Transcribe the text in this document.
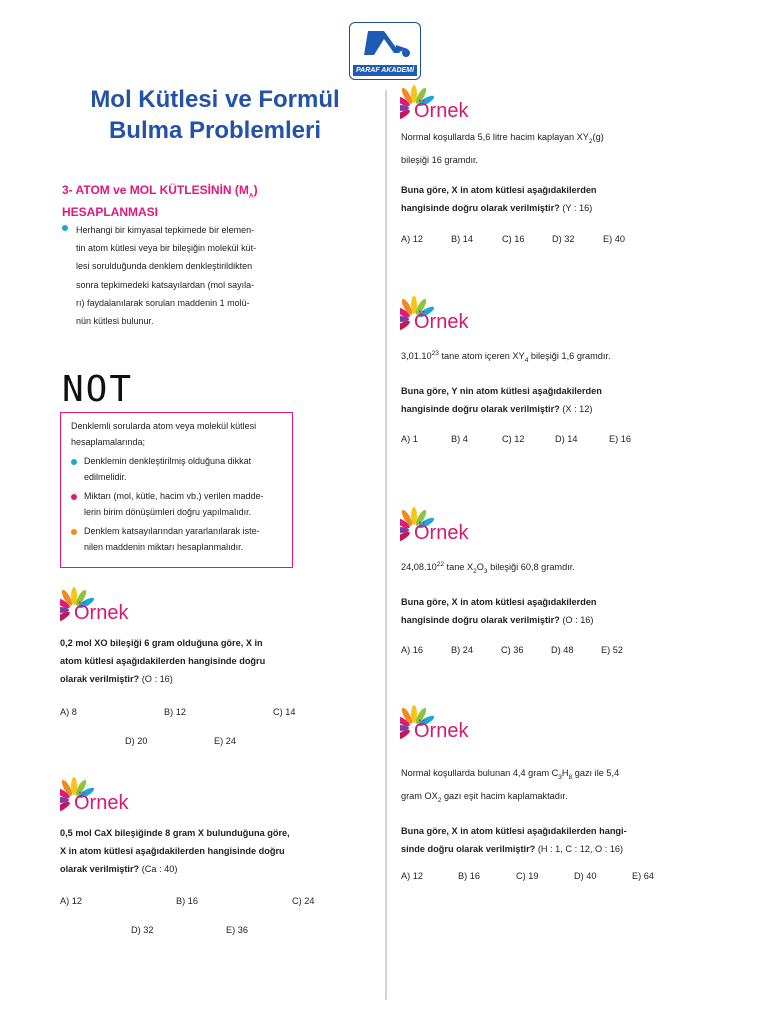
PARAF AKADEMİ
Mol Kütlesi ve Formül
Bulma Problemleri
3- ATOM ve MOL KÜTLESİNİN $(M_A)$
HESAPLANMASI
Herhangi bir kimyasal tepkimede bir elemen-
tin atom kütlesi veya bir bileşiğin molekül küt-
lesi sorulduğunda denklem denkleştirildikten
sonra tepkimedeki katsayılardan (mol sayıla-
rı) faydalanılarak sorulan maddenin 1 molü-
nün kütlesi bulunur.
NOT
Denklemli sorularda atom veya molekül kütlesi
hesaplamalarında;
Denklemin denkleştirilmiş olduğuna dikkat
edilmelidir.
Miktarı (mol, kütle, hacim vb.) verilen madde-
lerin birim dönüşümleri doğru yapılmalıdır.
Denklem katsayılarından yararlanılarak iste-
nilen maddenin miktarı hesaplanmalıdır.
Örnek
0,2 mol XO bileşiği 6 gram olduğuna göre, X in
atom kütlesi aşağıdakilerden hangisinde doğru
olarak verilmiştir? (O : 16)
A) 8	B) 12	C) 14
D) 20	E) 24
Örnek
0,5 mol CaX bileşiğinde 8 gram X bulunduğuna göre,
X in atom kütlesi aşağıdakilerden hangisinde doğru
olarak verilmiştir? (Ca : 40)
A) 12	B) 16	C) 24
D) 32	E) 36
Örnek
Normal koşullarda 5,6 litre hacim kaplayan $XY_2(g)$
bileşiği 16 gramdır.
Buna göre, X in atom kütlesi aşağıdakilerden
hangisinde doğru olarak verilmiştir? (Y : 16)
A) 12	B) 14	C) 16	D) 32	E) 40
Örnek
3,01.10$^{23}$ tane atom içeren $XY_4$ bileşiği 1,6 gramdır.
Buna göre, Y nin atom kütlesi aşağıdakilerden
hangisinde doğru olarak verilmiştir? (X : 12)
A) 1	B) 4	C) 12	D) 14	E) 16
Örnek
24,08.10$^{22}$ tane $X_2O_3$ bileşiği 60,8 gramdır.
Buna göre, X in atom kütlesi aşağıdakilerden
hangisinde doğru olarak verilmiştir? (O : 16)
A) 16	B) 24	C) 36	D) 48	E) 52
Örnek
Normal koşullarda bulunan 4,4 gram $C_3H_8$ gazı ile 5,4
gram $OX_2$ gazı eşit hacim kaplamaktadır.
Buna göre, X in atom kütlesi aşağıdakilerden hangi-
sinde doğru olarak verilmiştir? (H : 1, C : 12, O : 16)
A) 12	B) 16	C) 19	D) 40	E) 64
